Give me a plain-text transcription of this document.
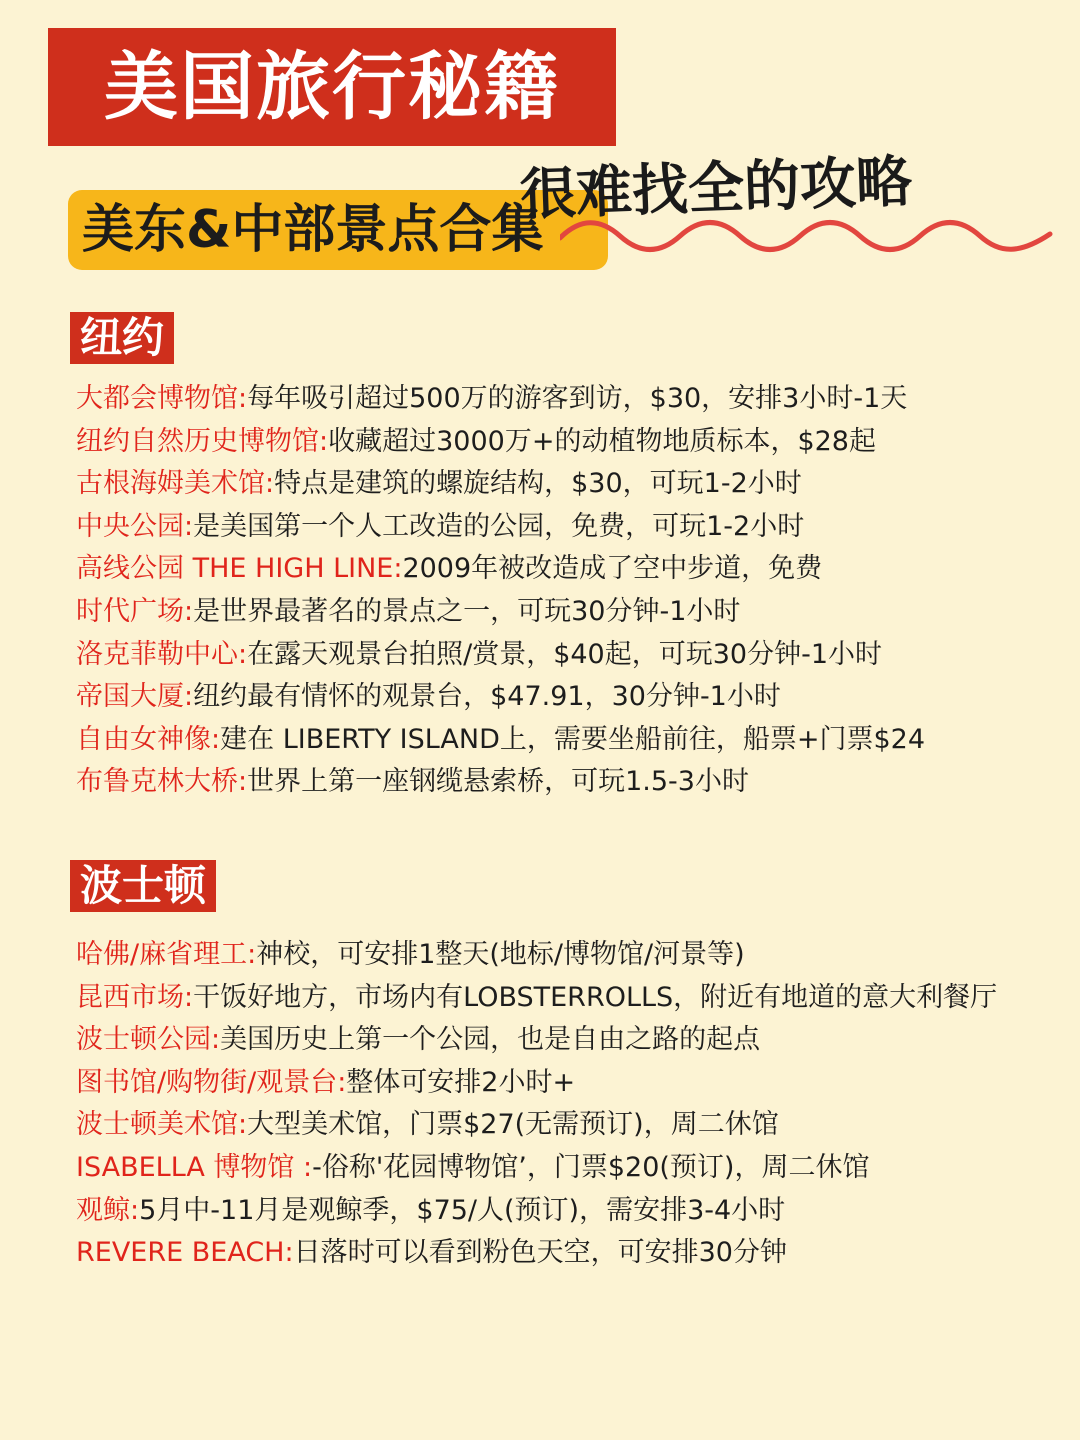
美国旅行秘籍
美东&中部景点合集
很难找全的攻略
纽约
大都会博物馆:每年吸引超过500万的游客到访，$30，安排3小时-1天
纽约自然历史博物馆:收藏超过3000万+的动植物地质标本，$28起
古根海姆美术馆:特点是建筑的螺旋结构，$30，可玩1-2小时
中央公园:是美国第一个人工改造的公园，免费，可玩1-2小时
高线公园 THE HIGH LINE:2009年被改造成了空中步道，免费
时代广场:是世界最著名的景点之一，可玩30分钟-1小时
洛克菲勒中心:在露天观景台拍照/赏景，$40起，可玩30分钟-1小时
帝国大厦:纽约最有情怀的观景台，$47.91，30分钟-1小时
自由女神像:建在 LIBERTY ISLAND上，需要坐船前往，船票+门票$24
布鲁克林大桥:世界上第一座钢缆悬索桥，可玩1.5-3小时
波士顿
哈佛/麻省理工:神校，可安排1整天(地标/博物馆/河景等)
昆西市场:干饭好地方，市场内有LOBSTERROLLS，附近有地道的意大利餐厅
波士顿公园:美国历史上第一个公园，也是自由之路的起点
图书馆/购物街/观景台:整体可安排2小时+
波士顿美术馆:大型美术馆，门票$27(无需预订)，周二休馆
ISABELLA 博物馆 :-俗称'花园博物馆’，门票$20(预订)，周二休馆
观鲸:5月中-11月是观鲸季，$75/人(预订)，需安排3-4小时
REVERE BEACH:日落时可以看到粉色天空，可安排30分钟
